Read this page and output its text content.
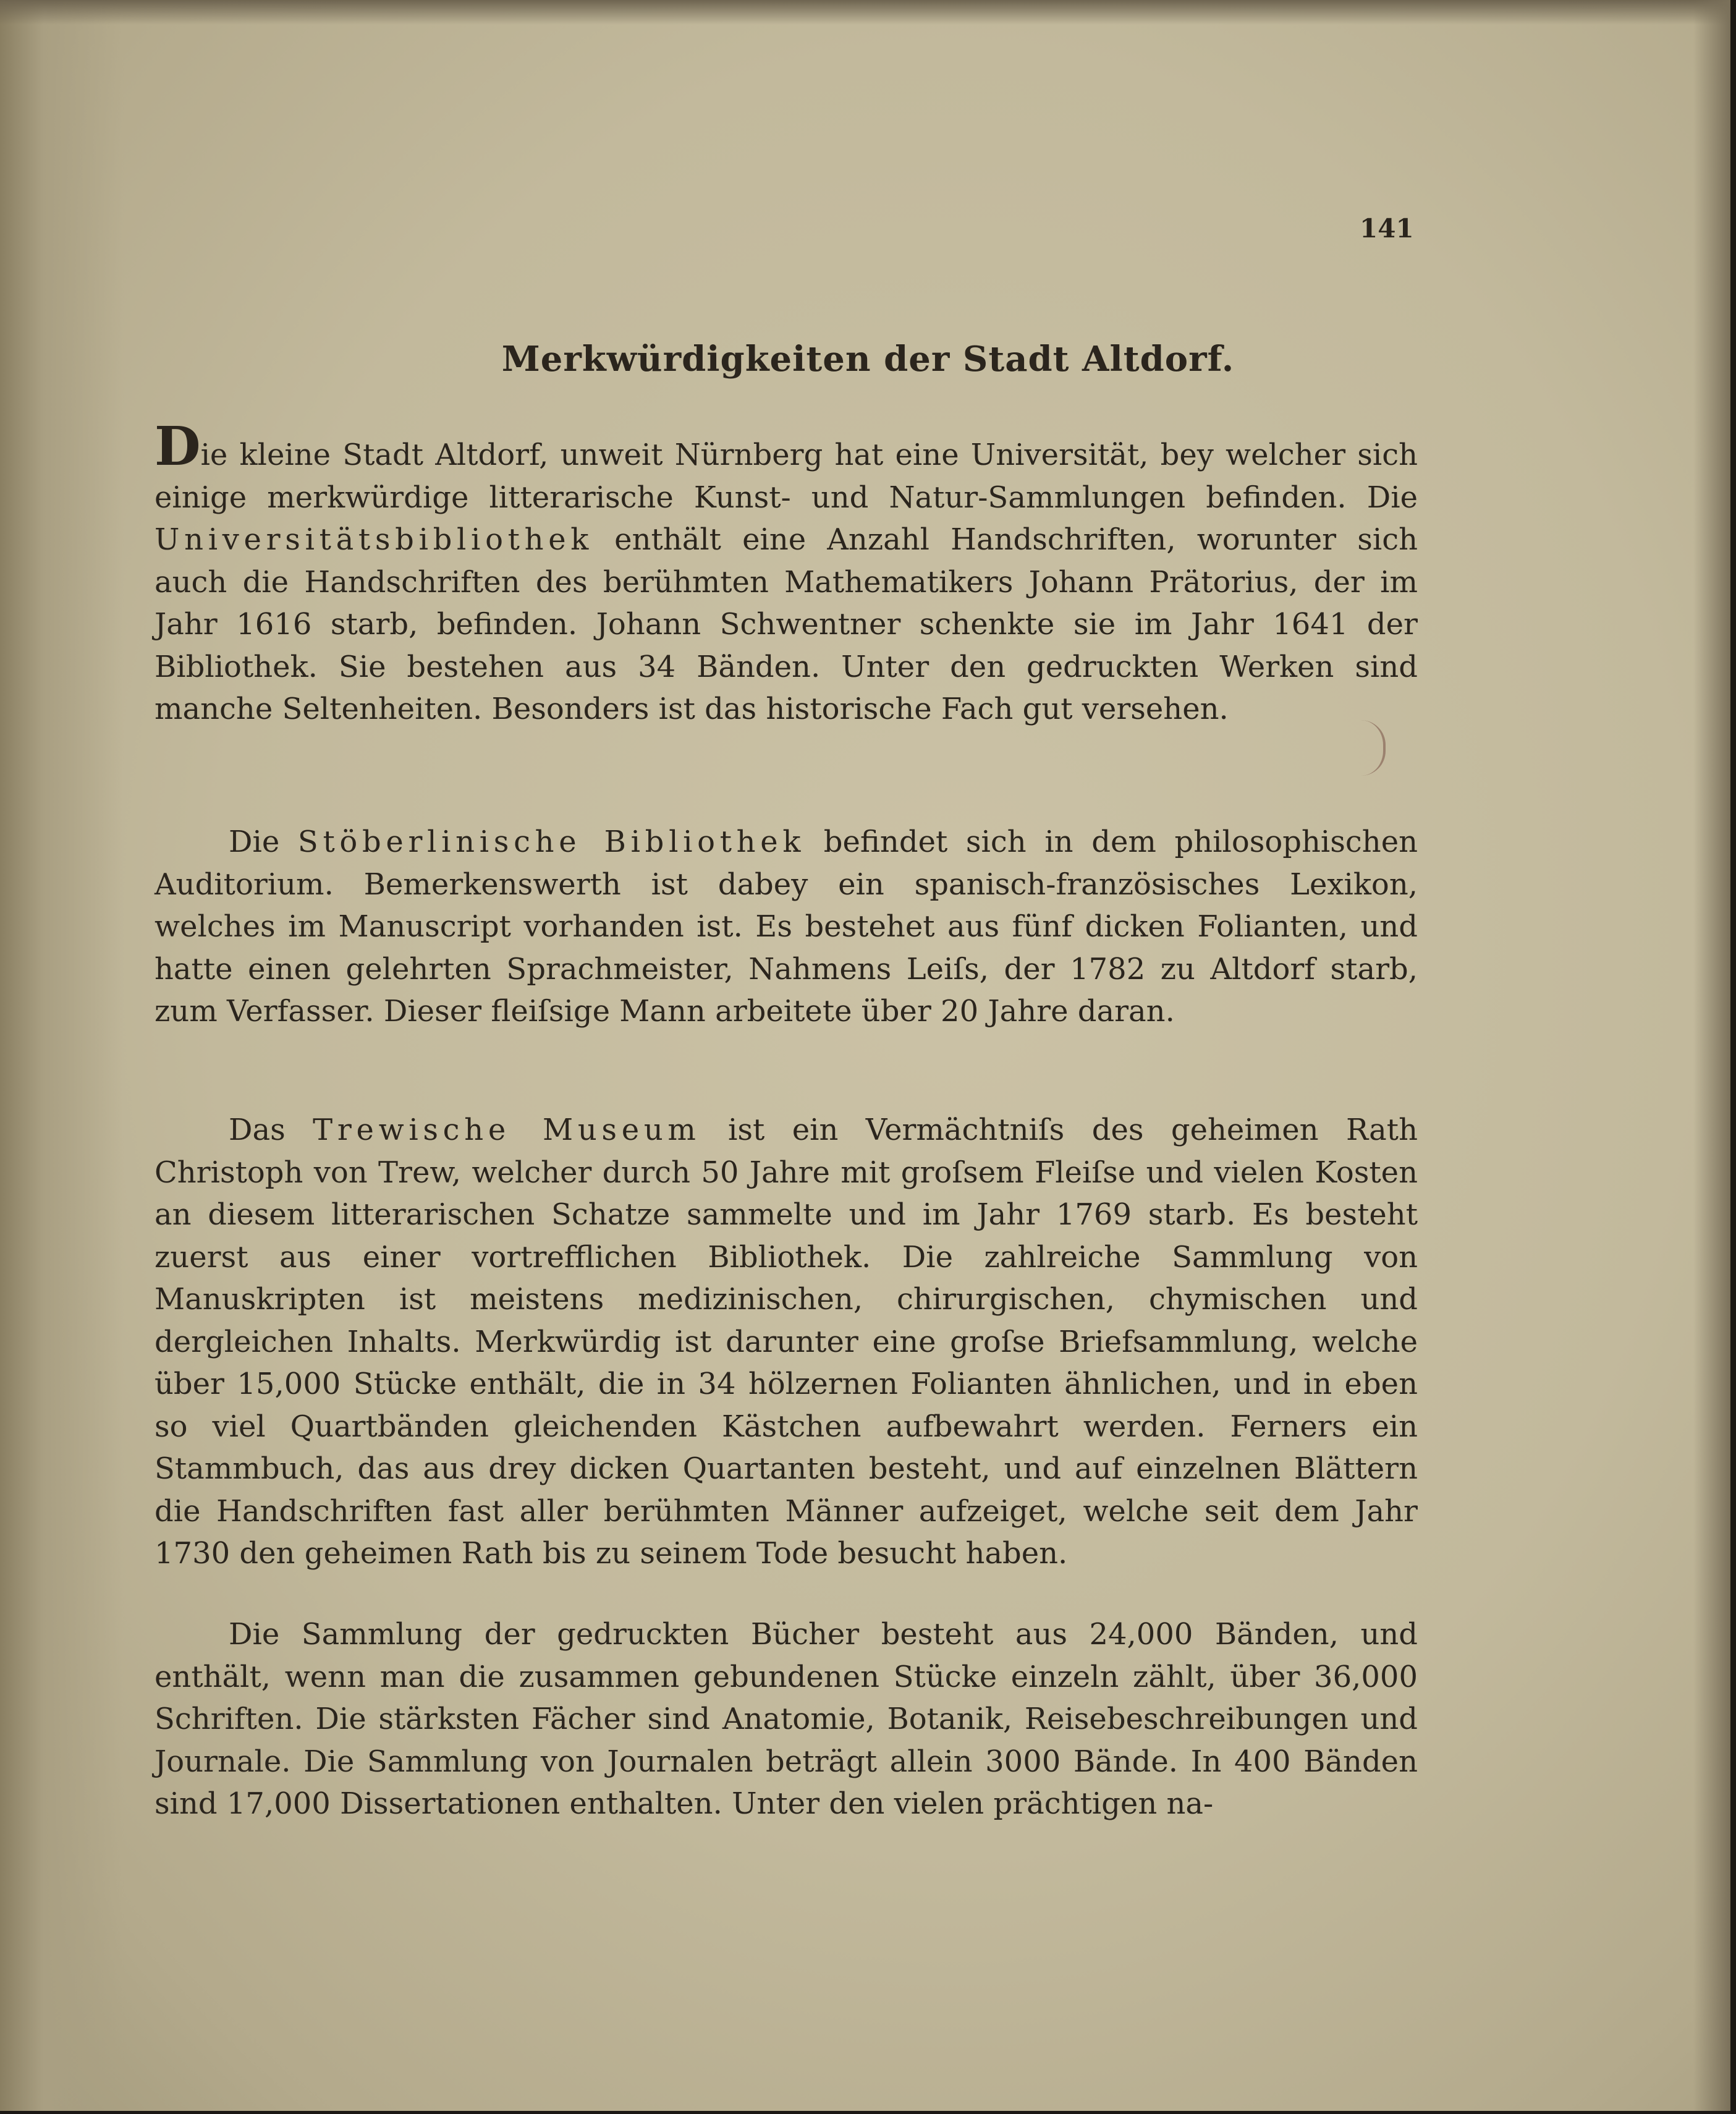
141
Merkwürdigkeiten der Stadt Altdorf.

Die kleine Stadt Altdorf, unweit Nürnberg hat eine Universität, bey welcher sich einige merkwürdige litterarische Kunst- und Natur-Sammlungen befinden. Die Universitätsbibliothek enthält eine Anzahl Handschriften, worunter sich auch die Handschriften des berühmten Mathematikers Johann Prätorius, der im Jahr 1616 starb, befinden. Johann Schwentner schenkte sie im Jahr 1641 der Bibliothek. Sie bestehen aus 34 Bänden. Unter den gedruckten Werken sind manche Seltenheiten. Besonders ist das historische Fach gut versehen.

Die Stöberlinische Bibliothek befindet sich in dem philosophischen Auditorium. Bemerkenswerth ist dabey ein spanisch-französisches Lexikon, welches im Manuscript vorhanden ist. Es bestehet aus fünf dicken Folianten, und hatte einen gelehrten Sprachmeister, Nahmens Leiſs, der 1782 zu Altdorf starb, zum Verfasser. Dieser fleiſsige Mann arbeitete über 20 Jahre daran.

Das Trewische Museum ist ein Vermächtniſs des geheimen Rath Christoph von Trew, welcher durch 50 Jahre mit groſsem Fleiſse und vielen Kosten an diesem litterarischen Schatze sammelte und im Jahr 1769 starb. Es besteht zuerst aus einer vortrefflichen Bibliothek. Die zahlreiche Sammlung von Manuskripten ist meistens medizinischen, chirurgischen, chymischen und dergleichen Inhalts. Merkwürdig ist darunter eine groſse Briefsammlung, welche über 15,000 Stücke enthält, die in 34 hölzernen Folianten ähnlichen, und in eben so viel Quartbänden gleichenden Kästchen aufbewahrt werden. Ferners ein Stammbuch, das aus drey dicken Quartanten besteht, und auf einzelnen Blättern die Handschriften fast aller berühmten Männer aufzeiget, welche seit dem Jahr 1730 den geheimen Rath bis zu seinem Tode besucht haben.

Die Sammlung der gedruckten Bücher besteht aus 24,000 Bänden, und enthält, wenn man die zusammen gebundenen Stücke einzeln zählt, über 36,000 Schriften. Die stärksten Fächer sind Anatomie, Botanik, Reisebeschreibungen und Journale. Die Sammlung von Journalen beträgt allein 3000 Bände. In 400 Bänden sind 17,000 Dissertationen enthalten. Unter den vielen prächtigen na-
